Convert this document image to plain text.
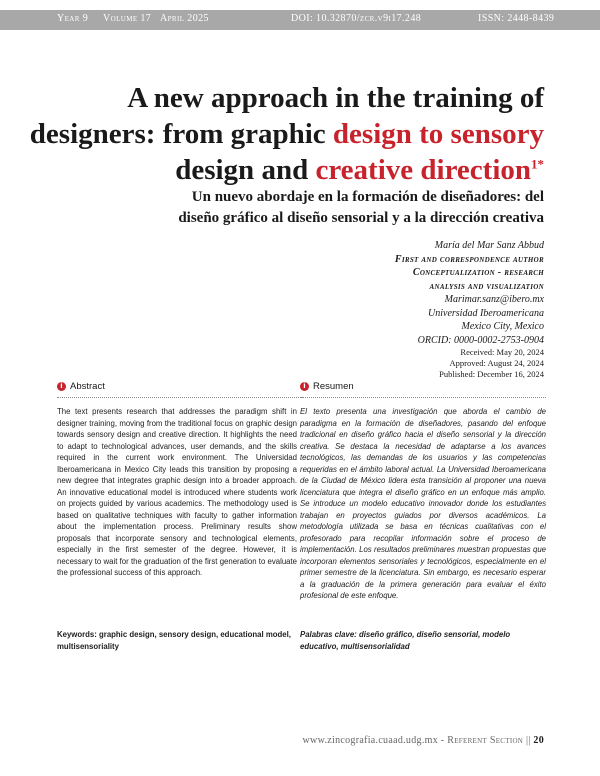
Year 9 Volume 17 April 2025	DOI: 10.32870/zcr.v9i17.248	ISSN: 2448-8439
A new approach in the training of designers: from graphic design to sensory design and creative direction$^{1*}$
Un nuevo abordaje en la formación de diseñadores: del
diseño gráfico al diseño sensorial y a la dirección creativa
María del Mar Sanz Abbud
First and correspondence author
Conceptualization - research
analysis and visualization
Marimar.sanz@ibero.mx
Universidad Iberoamericana
Mexico City, Mexico
ORCID: 0000-0002-2753-0904
Received: May 20, 2024
Approved: August 24, 2024
Published: December 16, 2024
i Abstract	i Resumen

The text presents research that addresses the paradigm shift in designer training, moving from the traditional focus on graphic design towards sensory design and creative direction. It highlights the need to adapt to technological advances, user demands, and the skills required in the current work environment. The Universidad Iberoamericana in Mexico City leads this transition by proposing a new degree that integrates graphic design into a broader approach. An innovative educational model is introduced where students work on projects guided by various academics. The methodology used is based on qualitative techniques with faculty to gather information about the implementation process. Preliminary results show proposals that incorporate sensory and technological elements, especially in the first semester of the degree. However, it is necessary to wait for the graduation of the first generation to evaluate the professional success of this approach.

El texto presenta una investigación que aborda el cambio de paradigma en la formación de diseñadores, pasando del enfoque tradicional en diseño gráfico hacia el diseño sensorial y la dirección creativa. Se destaca la necesidad de adaptarse a los avances tecnológicos, las demandas de los usuarios y las competencias requeridas en el ámbito laboral actual. La Universidad Iberoamericana de la Ciudad de México lidera esta transición al proponer una nueva licenciatura que integra el diseño gráfico en un enfoque más amplio. Se introduce un modelo educativo innovador donde los estudiantes trabajan en proyectos guiados por diversos académicos. La metodología utilizada se basa en técnicas cualitativas con el profesorado para recopilar información sobre el proceso de implementación. Los resultados preliminares muestran propuestas que incorporan elementos sensoriales y tecnológicos, especialmente en el primer semestre de la licenciatura. Sin embargo, es necesario esperar a la graduación de la primera generación para evaluar el éxito profesional de este enfoque.

Keywords: graphic design, sensory design, educational model, multisensoriality

Palabras clave: diseño gráfico, diseño sensorial, modelo educativo, multisensorialidad

www.zincografia.cuaad.udg.mx - Referent Section || 20
